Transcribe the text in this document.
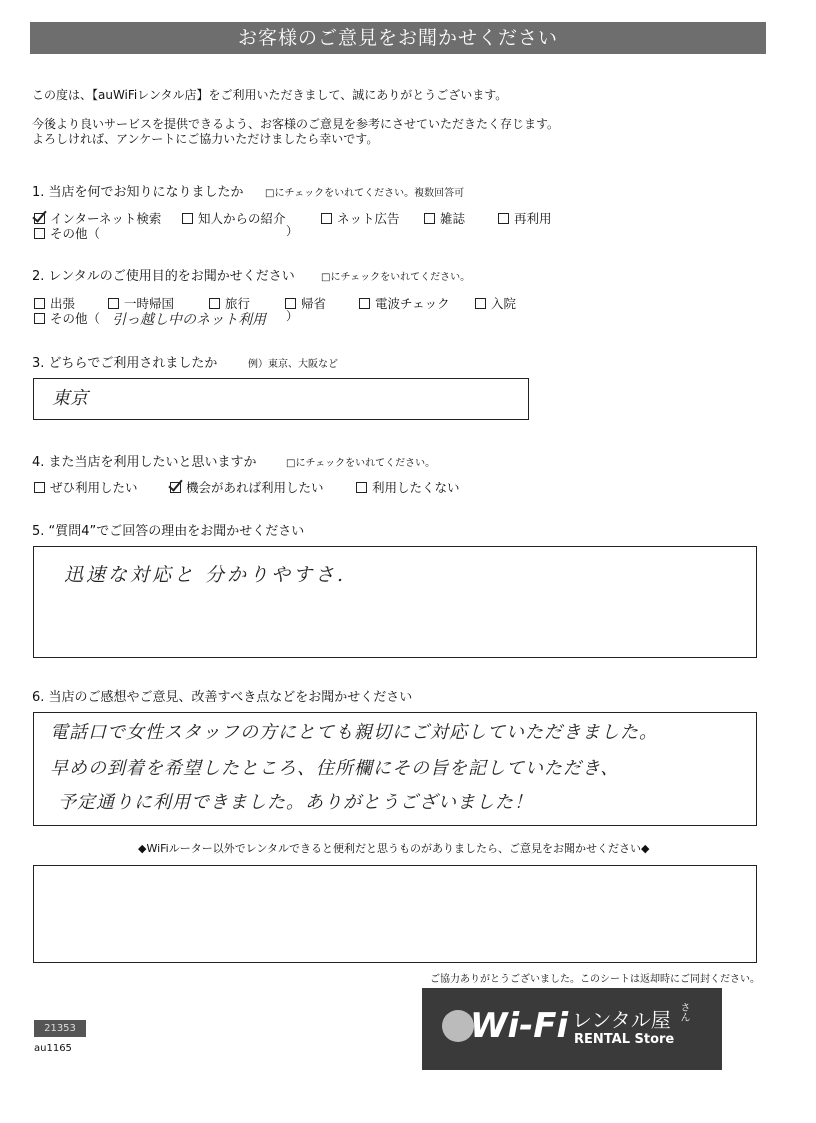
お客様のご意見をお聞かせください
この度は、【auWiFiレンタル店】をご利用いただきまして、誠にありがとうございます。
今後より良いサービスを提供できるよう、お客様のご意見を参考にさせていただきたく存じます。
よろしければ、アンケートにご協力いただけましたら幸いです。
1. 当店を何でお知りになりましたか □にチェックをいれてください。複数回答可
インターネット検索	知人からの紹介	ネット広告	雑誌	再利用
その他（	）
2. レンタルのご使用目的をお聞かせください	□にチェックをいれてください。
出張	一時帰国	旅行	帰省	電波チェック	入院
その他（ 引っ越し中のネット利用 ）
3. どちらでご利用されましたか	例）東京、大阪など
東京
4. また当店を利用したいと思いますか	□にチェックをいれてください。
ぜひ利用したい	機会があれば利用したい	利用したくない
5. “質問4”でご回答の理由をお聞かせください
迅速な対応と 分かりやすさ.
6. 当店のご感想やご意見、改善すべき点などをお聞かせください
電話口で女性スタッフの方にとても親切にご対応していただきました。
早めの到着を希望したところ、住所欄にその旨を記していただき、
予定通りに利用できました。ありがとうございました！
◆WiFiルーター以外でレンタルできると便利だと思うものがありましたら、ご意見をお聞かせください◆
ご協力ありがとうございました。このシートは返却時にご同封ください。
21353
au1165
Wi-Fi レンタル屋 さん
RENTAL Store
